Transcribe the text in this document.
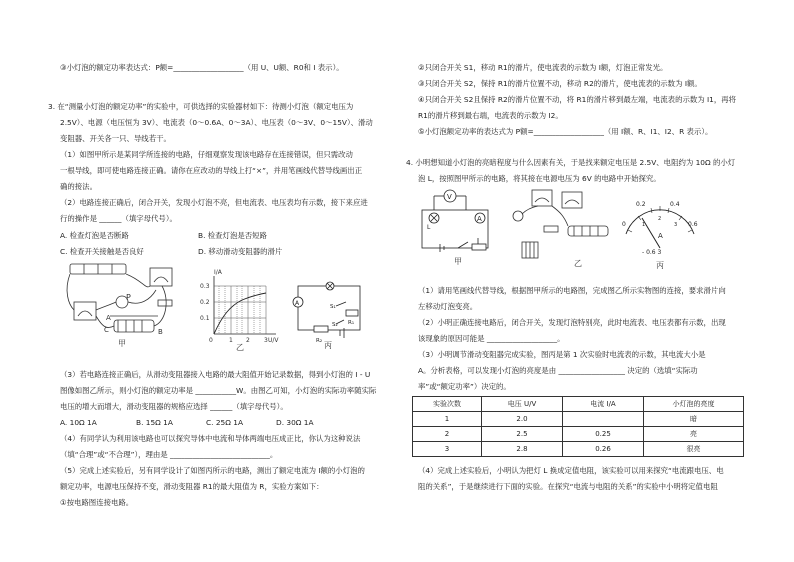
③小灯泡的额定功率表达式：P额=___________________（用 U、U额、R0和 I 表示）。
3. 在“测量小灯泡的额定功率”的实验中，可供选择的实验器材如下：待测小灯泡（额定电压为
2.5V）、电源（电压恒为 3V）、电流表（0～0.6A、0～3A）、电压表（0～3V、0～15V）、滑动
变阻器、开关各一只、导线若干。
（1）如图甲所示是某同学所连接的电路，仔细观察发现该电路存在连接错误，但只需改动
一根导线，即可使电路连接正确。请你在应改动的导线上打“×”，并用笔画线代替导线画出正
确的接法。
（2）电路连接正确后，闭合开关，发现小灯泡不亮，但电流表、电压表均有示数，接下来应进
行的操作是 ______（填字母代号）。
A. 检查灯泡是否断路	B. 检查灯泡是否短路
C. 检查开关接触是否良好	D. 移动滑动变阻器的滑片
P
C
A
B
甲
I/A
U/V
0.3
0.2
0.1
0	1 2 3
乙
A	S₁
S₂ R₁
R₂ 丙
（3）若电路连接正确后，从滑动变阻器接入电路的最大阻值开始记录数据，得到小灯泡的 I - U
图像如图乙所示，则小灯泡的额定功率是 ___________W。由图乙可知，小灯泡的实际功率随实际
电压的增大而增大，滑动变阻器的规格应选择 ______（填字母代号）。
A. 10Ω 1A	B. 15Ω 1A	C. 25Ω 1A	D. 30Ω 1A
（4）有同学认为利用该电路也可以探究导体中电流和导体两端电压成正比，你认为这种说法
（填“合理”或“不合理”），理由是 ___________________________。
（5）完成上述实验后，另有同学设计了如图丙所示的电路，测出了额定电流为 I额的小灯泡的
额定功率，电源电压保持不变，滑动变阻器 R1的最大阻值为 R，实验方案如下：
①按电路图连接电路。
②只闭合开关 S1，移动 R1的滑片，使电流表的示数为 I额，灯泡正常发光。
③只闭合开关 S2，保持 R1的滑片位置不动，移动 R2的滑片，使电流表的示数为 I额。
④只闭合开关 S2且保持 R2的滑片位置不动，将 R1的滑片移到最左端，电流表的示数为 I1，再将
R1的滑片移到最右端，电流表的示数为 I2。
⑤小灯泡额定功率的表达式为 P额=___________________（用 I额、R、I1、I2、R 表示）。
4. 小明想知道小灯泡的亮暗程度与什么因素有关，于是找来额定电压是 2.5V、电阻约为 10Ω 的小灯
泡 L，按照图甲所示的电路，将其接在电源电压为 6V 的电路中开始探究。
V
A
L
甲	乙
0
0.2	0.4
0.6
1
2
3
A
- 0.6 3
丙
（1）请用笔画线代替导线，根据图甲所示的电路图，完成图乙所示实物图的连接，要求滑片向
左移动灯泡变亮。
（2）小明正确连接电路后，闭合开关，发现灯泡特别亮，此时电流表、电压表都有示数，出现
该现象的原因可能是 ___________________。
（3）小明调节滑动变阻器完成实验，图丙是第 1 次实验时电流表的示数，其电流大小是
A。分析表格，可以发现小灯泡的亮度是由 __________________ 决定的（选填“实际功
率”或“额定功率”）决定的。
实验次数	电压 U/V	电流 I/A	小灯泡的亮度
1	2.0		暗
2	2.5	0.25	亮
3	2.8	0.26	很亮
（4）完成上述实验后，小明认为把灯 L 换成定值电阻，该实验可以用来探究“电流跟电压、电
阻的关系”，于是继续进行下面的实验。在探究“电流与电阻的关系”的实验中小明将定值电阻
